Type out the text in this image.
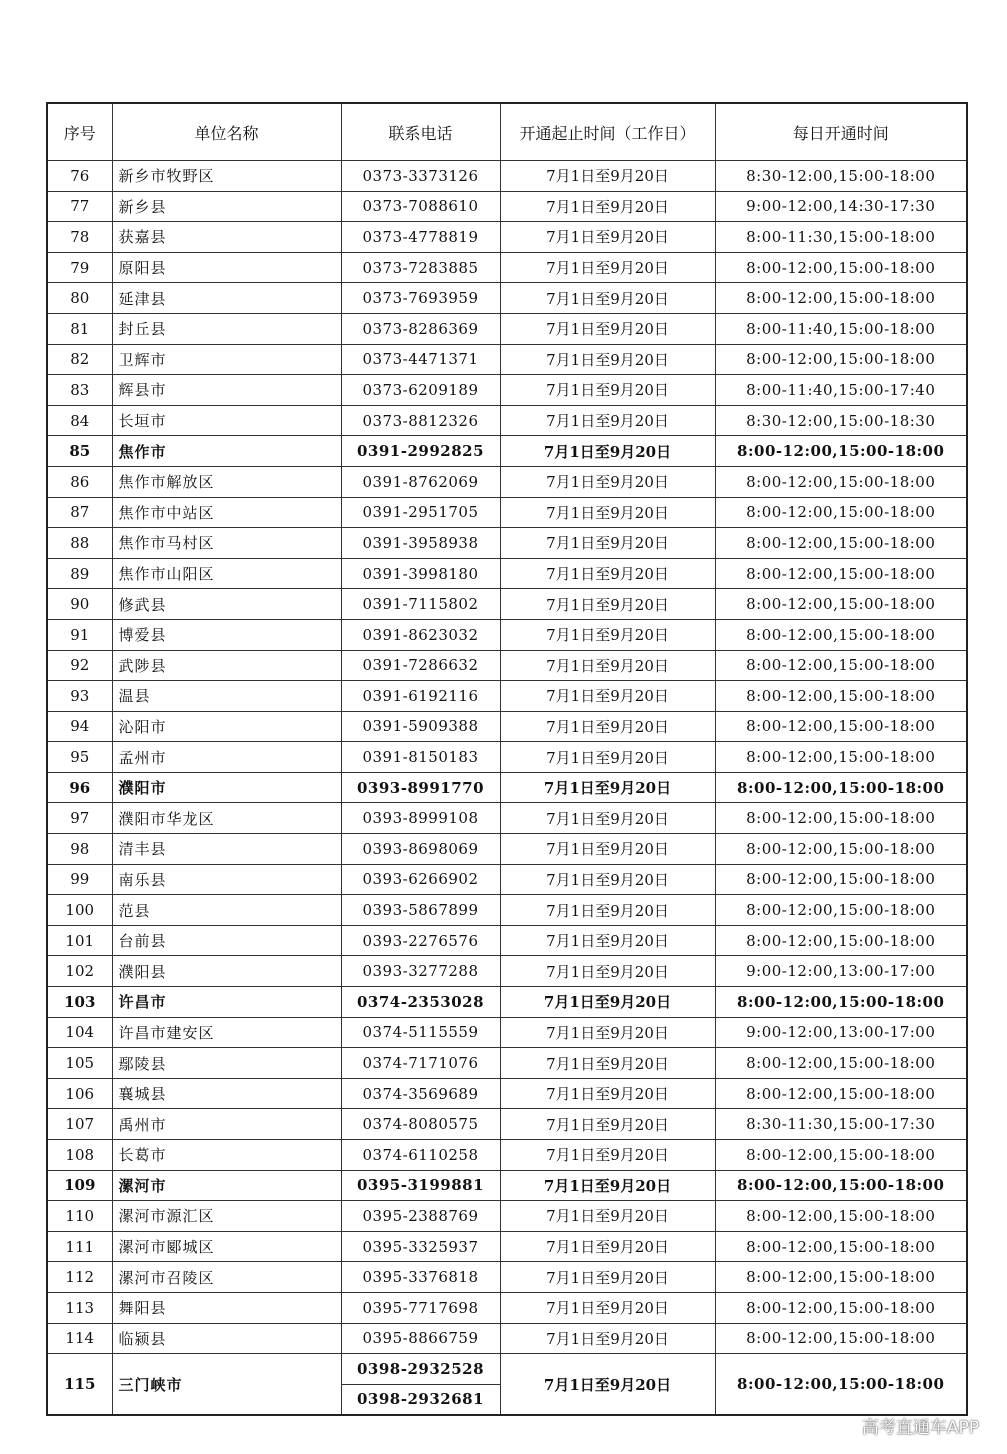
序号	单位名称	联系电话	开通起止时间（工作日）	每日开通时间
76	新乡市牧野区	0373-3373126	7月1日至9月20日	8:30-12:00,15:00-18:00
77	新乡县	0373-7088610	7月1日至9月20日	9:00-12:00,14:30-17:30
78	获嘉县	0373-4778819	7月1日至9月20日	8:00-11:30,15:00-18:00
79	原阳县	0373-7283885	7月1日至9月20日	8:00-12:00,15:00-18:00
80	延津县	0373-7693959	7月1日至9月20日	8:00-12:00,15:00-18:00
81	封丘县	0373-8286369	7月1日至9月20日	8:00-11:40,15:00-18:00
82	卫辉市	0373-4471371	7月1日至9月20日	8:00-12:00,15:00-18:00
83	辉县市	0373-6209189	7月1日至9月20日	8:00-11:40,15:00-17:40
84	长垣市	0373-8812326	7月1日至9月20日	8:30-12:00,15:00-18:30
85	焦作市	0391-2992825	7月1日至9月20日	8:00-12:00,15:00-18:00
86	焦作市解放区	0391-8762069	7月1日至9月20日	8:00-12:00,15:00-18:00
87	焦作市中站区	0391-2951705	7月1日至9月20日	8:00-12:00,15:00-18:00
88	焦作市马村区	0391-3958938	7月1日至9月20日	8:00-12:00,15:00-18:00
89	焦作市山阳区	0391-3998180	7月1日至9月20日	8:00-12:00,15:00-18:00
90	修武县	0391-7115802	7月1日至9月20日	8:00-12:00,15:00-18:00
91	博爱县	0391-8623032	7月1日至9月20日	8:00-12:00,15:00-18:00
92	武陟县	0391-7286632	7月1日至9月20日	8:00-12:00,15:00-18:00
93	温县	0391-6192116	7月1日至9月20日	8:00-12:00,15:00-18:00
94	沁阳市	0391-5909388	7月1日至9月20日	8:00-12:00,15:00-18:00
95	孟州市	0391-8150183	7月1日至9月20日	8:00-12:00,15:00-18:00
96	濮阳市	0393-8991770	7月1日至9月20日	8:00-12:00,15:00-18:00
97	濮阳市华龙区	0393-8999108	7月1日至9月20日	8:00-12:00,15:00-18:00
98	清丰县	0393-8698069	7月1日至9月20日	8:00-12:00,15:00-18:00
99	南乐县	0393-6266902	7月1日至9月20日	8:00-12:00,15:00-18:00
100	范县	0393-5867899	7月1日至9月20日	8:00-12:00,15:00-18:00
101	台前县	0393-2276576	7月1日至9月20日	8:00-12:00,15:00-18:00
102	濮阳县	0393-3277288	7月1日至9月20日	9:00-12:00,13:00-17:00
103	许昌市	0374-2353028	7月1日至9月20日	8:00-12:00,15:00-18:00
104	许昌市建安区	0374-5115559	7月1日至9月20日	9:00-12:00,13:00-17:00
105	鄢陵县	0374-7171076	7月1日至9月20日	8:00-12:00,15:00-18:00
106	襄城县	0374-3569689	7月1日至9月20日	8:00-12:00,15:00-18:00
107	禹州市	0374-8080575	7月1日至9月20日	8:30-11:30,15:00-17:30
108	长葛市	0374-6110258	7月1日至9月20日	8:00-12:00,15:00-18:00
109	漯河市	0395-3199881	7月1日至9月20日	8:00-12:00,15:00-18:00
110	漯河市源汇区	0395-2388769	7月1日至9月20日	8:00-12:00,15:00-18:00
111	漯河市郾城区	0395-3325937	7月1日至9月20日	8:00-12:00,15:00-18:00
112	漯河市召陵区	0395-3376818	7月1日至9月20日	8:00-12:00,15:00-18:00
113	舞阳县	0395-7717698	7月1日至9月20日	8:00-12:00,15:00-18:00
114	临颍县	0395-8866759	7月1日至9月20日	8:00-12:00,15:00-18:00
115	三门峡市	0398-2932528	7月1日至9月20日	8:00-12:00,15:00-18:00
		0398-2932681		
高考直通车APP
